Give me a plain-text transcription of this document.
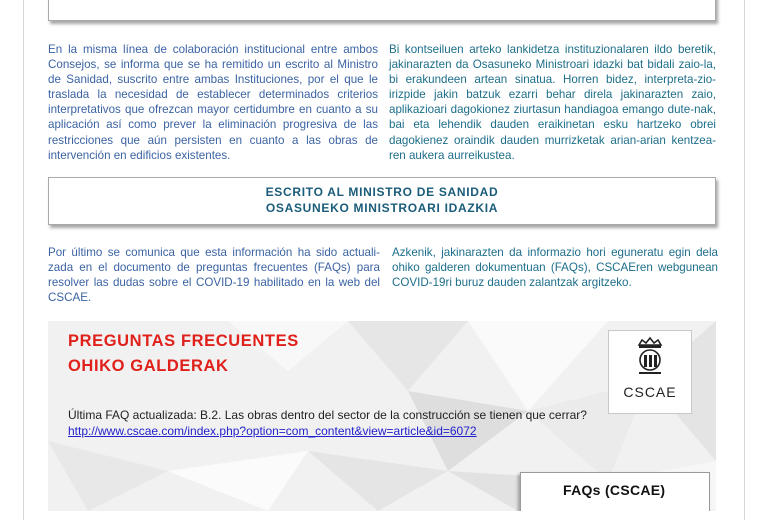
En la misma línea de colaboración institucional entre ambos Consejos, se informa que se ha remitido un escrito al Ministro de Sanidad, suscrito entre ambas Instituciones, por el que le traslada la necesidad de establecer determinados criterios interpretativos que ofrezcan mayor certidumbre en cuanto a su aplicación así como prever la eliminación progresiva de las restricciones que aún persisten en cuanto a las obras de intervención en edificios existentes.
Bi kontseiluen arteko lankidetza instituzionalaren ildo beretik, jakinarazten da Osasuneko Ministroari idazki bat bidali zaio-la, bi erakundeen artean sinatua. Horren bidez, interpreta-zio-irizpide jakin batzuk ezarri behar direla jakinarazten zaio, aplikazioari dagokionez ziurtasun handiagoa emango dute-nak, bai eta lehendik dauden eraikinetan esku hartzeko obrei dagokienez oraindik dauden murrizketak arian-arian kentzea-ren aukera aurreikustea.
ESCRITO AL MINISTRO DE SANIDAD
OSASUNEKO MINISTROARI IDAZKIA
Por último se comunica que esta información ha sido actuali-zada en el documento de preguntas frecuentes (FAQs) para resolver las dudas sobre el COVID-19 habilitado en la web del CSCAE.
Azkenik, jakinarazten da informazio hori eguneratu egin dela ohiko galderen dokumentuan (FAQs), CSCAEren webgunean COVID-19ri buruz dauden zalantzak argitzeko.
PREGUNTAS FRECUENTES
OHIKO GALDERAK
CSCAE
Última FAQ actualizada: B.2. Las obras dentro del sector de la construcción se tienen que cerrar?
http://www.cscae.com/index.php?option=com_content&view=article&id=6072
FAQs (CSCAE)
